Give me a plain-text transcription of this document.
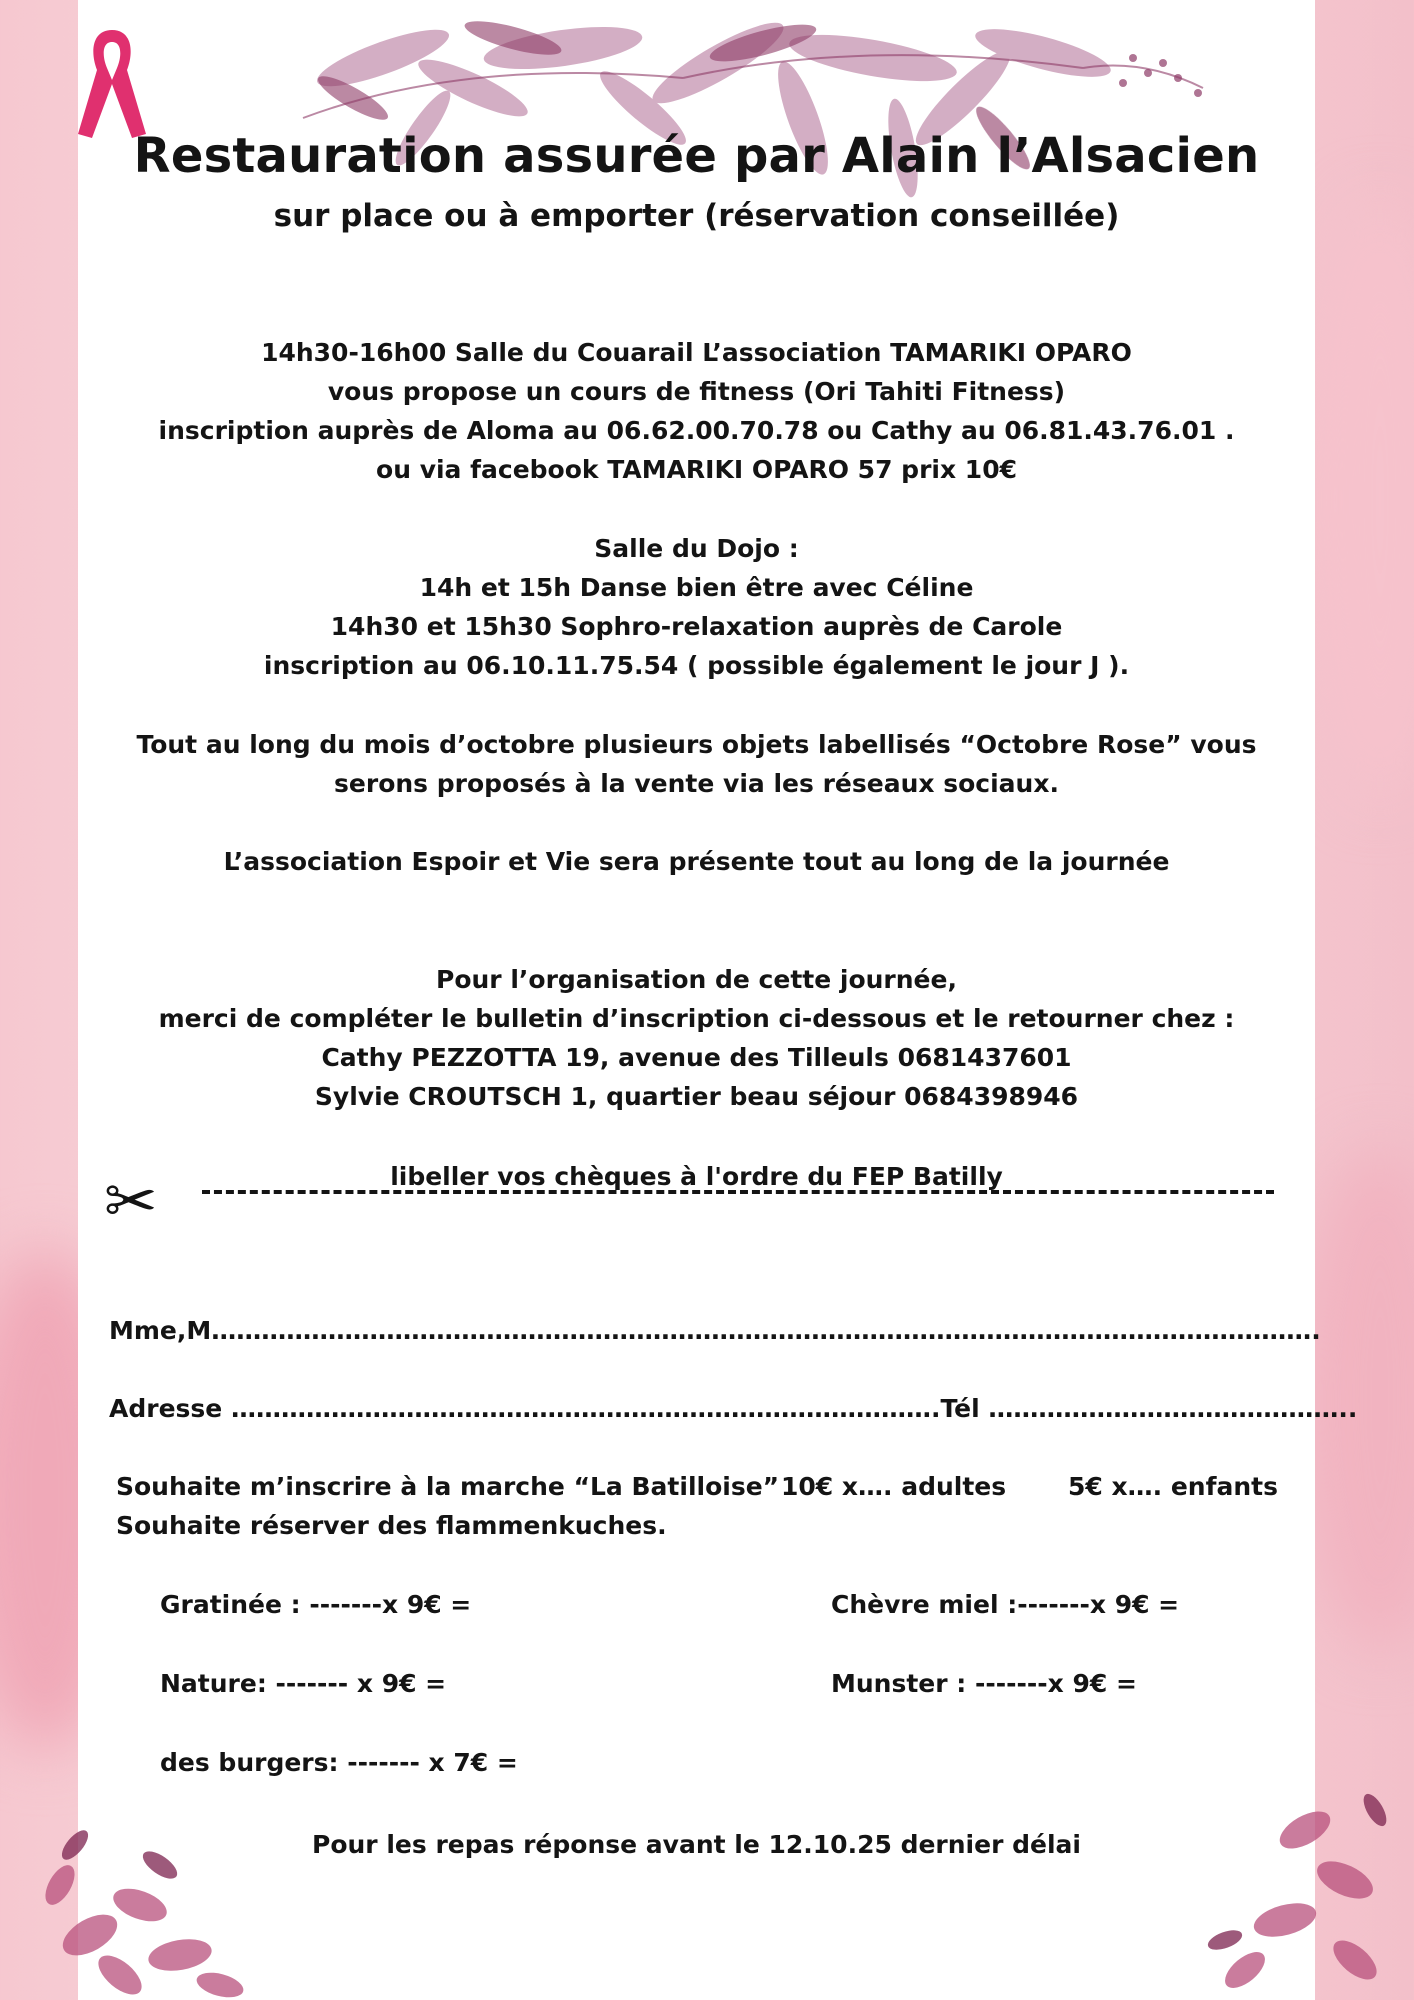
Restauration assurée par Alain l’Alsacien
sur place ou à emporter (réservation conseillée)
14h30-16h00 Salle du Couarail L’association TAMARIKI OPARO
vous propose un cours de fitness (Ori Tahiti Fitness)
inscription auprès de Aloma au 06.62.00.70.78 ou Cathy au 06.81.43.76.01 .
ou via facebook TAMARIKI OPARO 57 prix 10€
Salle du Dojo :
14h et 15h Danse bien être avec Céline
14h30 et 15h30 Sophro-relaxation auprès de Carole
inscription au 06.10.11.75.54 ( possible également le jour J ).
Tout au long du mois d’octobre plusieurs objets labellisés “Octobre Rose” vous
serons proposés à la vente via les réseaux sociaux.
L’association Espoir et Vie sera présente tout au long de la journée
Pour l’organisation de cette journée,
merci de compléter le bulletin d’inscription ci-dessous et le retourner chez :
Cathy PEZZOTTA 19, avenue des Tilleuls 0681437601
Sylvie CROUTSCH 1, quartier beau séjour 0684398946
libeller vos chèques à l'ordre du FEP Batilly
✂
Mme,M…………………………………………………………………………………………………………………….
Adresse ………………………………………………………………………….Tél ……………………………………..
Souhaite m’inscrire à la marche “La Batilloise” 10€ x…. adultes 5€ x…. enfants
Souhaite réserver des flammenkuches.
Gratinée : -------x 9€ =	Chèvre miel :-------x 9€ =
Nature: ------- x 9€ =	Munster : -------x 9€ =
des burgers: ------- x 7€ =
Pour les repas réponse avant le 12.10.25 dernier délai
